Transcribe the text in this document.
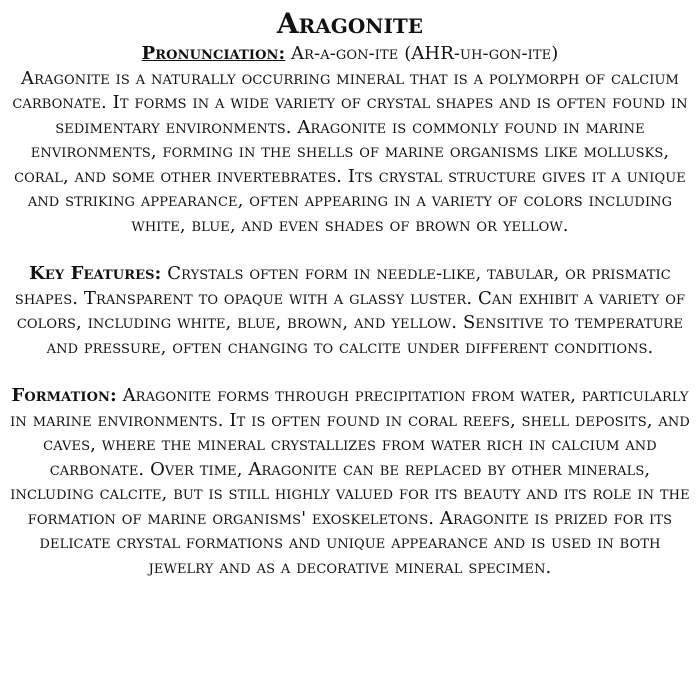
Aragonite

Pronunciation: Ar-a-gon-ite (AHR-uh-gon-ite)

Aragonite is a naturally occurring mineral that is a polymorph of calcium carbonate. It forms in a wide variety of crystal shapes and is often found in sedimentary environments. Aragonite is commonly found in marine environments, forming in the shells of marine organisms like mollusks, coral, and some other invertebrates. Its crystal structure gives it a unique and striking appearance, often appearing in a variety of colors including white, blue, and even shades of brown or yellow.

Key Features: Crystals often form in needle-like, tabular, or prismatic shapes. Transparent to opaque with a glassy luster. Can exhibit a variety of colors, including white, blue, brown, and yellow. Sensitive to temperature and pressure, often changing to calcite under different conditions.

Formation: Aragonite forms through precipitation from water, particularly in marine environments. It is often found in coral reefs, shell deposits, and caves, where the mineral crystallizes from water rich in calcium and carbonate. Over time, Aragonite can be replaced by other minerals, including calcite, but is still highly valued for its beauty and its role in the formation of marine organisms' exoskeletons. Aragonite is prized for its delicate crystal formations and unique appearance and is used in both jewelry and as a decorative mineral specimen.
